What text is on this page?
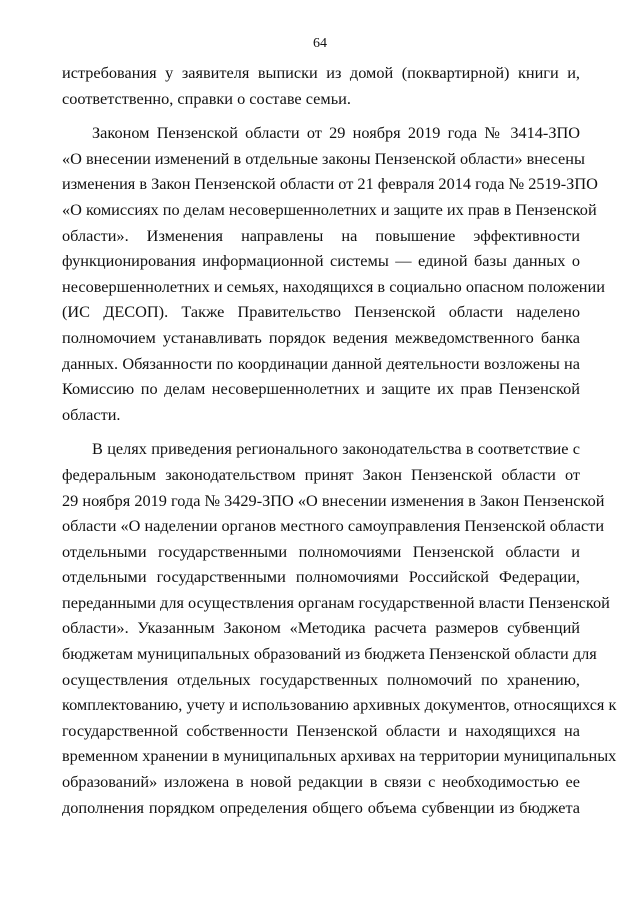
64
истребования у заявителя выписки из домой (поквартирной) книги и,
соответственно, справки о составе семьи.
Законом Пензенской области от 29 ноября 2019 года № 3414-ЗПО
«О внесении изменений в отдельные законы Пензенской области» внесены
изменения в Закон Пензенской области от 21 февраля 2014 года № 2519-ЗПО
«О комиссиях по делам несовершеннолетних и защите их прав в Пензенской
области». Изменения направлены на повышение эффективности
функционирования информационной системы — единой базы данных о
несовершеннолетних и семьях, находящихся в социально опасном положении
(ИС ДЕСОП). Также Правительство Пензенской области наделено
полномочием устанавливать порядок ведения межведомственного банка
данных. Обязанности по координации данной деятельности возложены на
Комиссию по делам несовершеннолетних и защите их прав Пензенской
области.
В целях приведения регионального законодательства в соответствие с
федеральным законодательством принят Закон Пензенской области от
29 ноября 2019 года № 3429-ЗПО «О внесении изменения в Закон Пензенской
области «О наделении органов местного самоуправления Пензенской области
отдельными государственными полномочиями Пензенской области и
отдельными государственными полномочиями Российской Федерации,
переданными для осуществления органам государственной власти Пензенской
области». Указанным Законом «Методика расчета размеров субвенций
бюджетам муниципальных образований из бюджета Пензенской области для
осуществления отдельных государственных полномочий по хранению,
комплектованию, учету и использованию архивных документов, относящихся к
государственной собственности Пензенской области и находящихся на
временном хранении в муниципальных архивах на территории муниципальных
образований» изложена в новой редакции в связи с необходимостью ее
дополнения порядком определения общего объема субвенции из бюджета
